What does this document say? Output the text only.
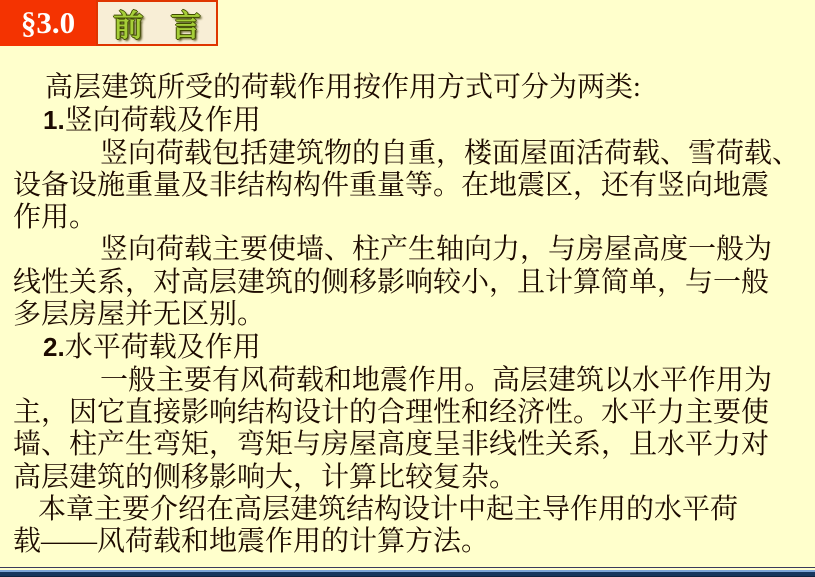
§3.0 前 言
高层建筑所受的荷载作用按作用方式可分为两类:
1.竖向荷载及作用
竖向荷载包括建筑物的自重，楼面屋面活荷载、雪荷载、
设备设施重量及非结构构件重量等。在地震区，还有竖向地震
作用。
竖向荷载主要使墙、柱产生轴向力，与房屋高度一般为
线性关系，对高层建筑的侧移影响较小，且计算简单，与一般
多层房屋并无区别。
2.水平荷载及作用
一般主要有风荷载和地震作用。高层建筑以水平作用为
主，因它直接影响结构设计的合理性和经济性。水平力主要使
墙、柱产生弯矩，弯矩与房屋高度呈非线性关系，且水平力对
高层建筑的侧移影响大，计算比较复杂。
本章主要介绍在高层建筑结构设计中起主导作用的水平荷
载——风荷载和地震作用的计算方法。
